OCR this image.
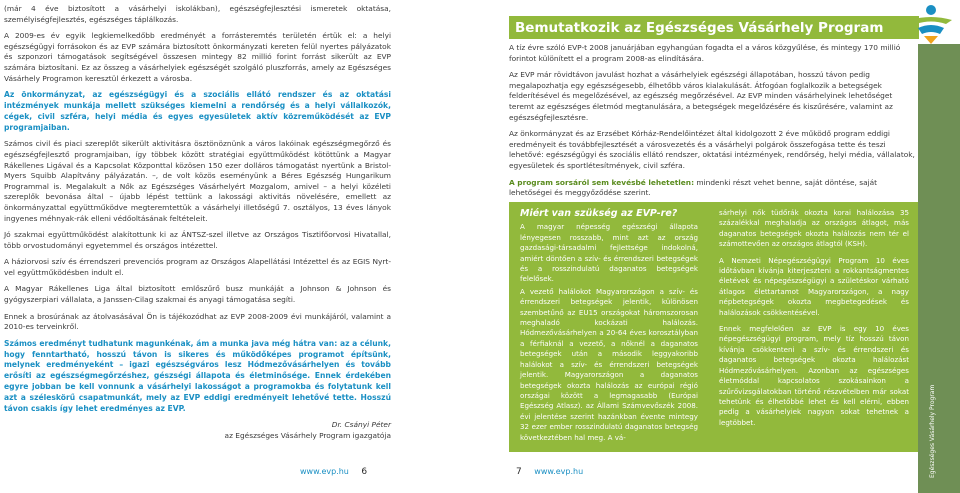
(már 4 éve biztosított a vásárhelyi iskolákban), egészségfejlesztési ismeretek oktatása, személyiségfejlesztés, egészséges táplálkozás.

A 2009-es év egyik legkiemelkedőbb eredményét a forrásteremtés területén értük el: a helyi egészségügyi forrásokon és az EVP számára biztosított önkormányzati kereten felül nyertes pályázatok és szponzori támogatások segítségével összesen mintegy 82 millió forint forrást sikerült az EVP számára biztosítani. Ez az összeg a vásárhelyiek egészségét szolgáló pluszforrás, amely az Egészséges Vásárhely Programon keresztül érkezett a városba.

Az önkormányzat, az egészségügyi és a szociális ellátó rendszer és az oktatási intézmények munkája mellett szükséges kiemelni a rendőrség és a helyi vállalkozók, cégek, civil szféra, helyi média és egyes egyesületek aktív közreműködését az EVP programjaiban.

Számos civil és piaci szereplőt sikerült aktivitásra ösztönöznünk a város lakóinak egészségmegőrző és egészségfejlesztő programjaiban, így többek között stratégiai együttműködést kötöttünk a Magyar Rákellenes Ligával és a Kapcsolat Központtal közösen 150 ezer dolláros támogatást nyertünk a Bristol-Myers Squibb Alapítvány pályázatán. –, de volt közös eseményünk a Béres Egészség Hungarikum Programmal is. Megalakult a Nők az Egészséges Vásárhelyért Mozgalom, amivel – a helyi közéleti szereplők bevonása által – újabb lépést tettünk a lakossági aktivitás növelésére, emellett az önkormányzattal együttműködve megteremtettük a vásárhelyi illetőségű 7. osztályos, 13 éves lányok ingyenes méhnyak-rák elleni védőoltásának feltételeit.

Jó szakmai együttműködést alakítottunk ki az ÁNTSZ-szel illetve az Országos Tisztifőorvosi Hivatallal, több orvostudományi egyetemmel és országos intézettel.

A háziorvosi szív és érrendszeri prevenciós program az Országos Alapellátási Intézettel és az EGIS Nyrt-vel együttműködésben indult el.

A Magyar Rákellenes Liga által biztosított emlőszűrő busz munkáját a Johnson & Johnson és gyógyszerpiari vállalata, a Janssen-Cilag szakmai és anyagi támogatása segíti.

Ennek a brosúrának az átolvasásával Ön is tájékozódhat az EVP 2008-2009 évi munkájáról, valamint a 2010-es terveinkről.

Számos eredményt tudhatunk magunkénak, ám a munka java még hátra van: az a célunk, hogy fenntartható, hosszú távon is sikeres és működőképes programot építsünk, melynek eredményeként – igazi egészségváros lesz Hódmezővásárhelyen és tovább erősíti az egészségmegőrzéshez, gészségi állapota és életminősége. Ennek érdekében egyre jobban be kell vonnunk a vásárhelyi lakosságot a programokba és folytatunk kell azt a széleskörű csapatmunkát, mely az EVP eddigi eredményeit lehetővé tette. Hosszú távon csakis így lehet eredményes az EVP.

Dr. Csányi Péter
az Egészséges Vásárhely Program igazgatója
www.evp.hu 6
Bemutatkozik az Egészséges Vásárhely Program

A tíz évre szóló EVP-t 2008 januárjában egyhangúan fogadta el a város közgyűlése, és mintegy 170 millió forintot különített el a program 2008-as elindítására.

Az EVP már rövidtávon javulást hozhat a vásárhelyiek egészségi állapotában, hosszú távon pedig megalapozhatja egy egészségesebb, élhetőbb város kialakulását. Átfogóan foglalkozik a betegségek felderítésével és megelőzésével, az egészség megőrzésével. Az EVP minden vásárhelyinek lehetőséget teremt az egészséges életmód megtanulására, a betegségek megelőzésére és kiszűrésére, valamint az egészségfejlesztésre.

Az önkormányzat és az Erzsébet Kórház-Rendelőintézet által kidolgozott 2 éve működő program eddigi eredményeit és továbbfejlesztését a városvezetés és a vásárhelyi polgárok összefogása tette és teszi lehetővé: egészségügyi és szociális ellátó rendszer, oktatási intézmények, rendőrség, helyi média, vállalatok, egyesületek és sportlétesítmények, civil szféra.

A program sorsáról sem kevésbé lehetetlen: mindenki részt vehet benne, saját döntése, saját lehetőségei és meggyőződése szerint.

Miért van szükség az EVP-re?

A magyar népesség egészségi állapota lényegesen rosszabb, mint azt az ország gazdasági-társadalmi fejlettsége indokolná, amiért döntően a szív- és érrendszeri betegségek és a rosszindulatú daganatos betegségek felelősek.

A vezető halálokot Magyarországon a szív- és érrendszeri betegségek jelentik, különösen szembetűnő az EU15 országokat háromszorosan meghaladó kockázati halálozás. Hódmezővásárhelyen a 20-64 éves korosztályban a férfiaknál a vezető, a nőknél a daganatos betegségek után a második leggyakoribb halálokot a szív- és érrendszeri betegségek jelentik. Magyarországon a daganatos betegségek okozta halálozás az európai régió országai között a legmagasabb (Európai Egészség Atlasz). az Állami Számvevőszék 2008. évi jelentése szerint hazánkban évente mintegy 32 ezer ember rosszindulatú daganatos betegség következtében hal meg. A vá-

sárhelyi nők tüdőrák okozta korai halálozása 35 százalékkal meghaladja az országos átlagot, más daganatos betegségek okozta halálozás nem tér el számottevően az országos átlagtól (KSH).

A Nemzeti Népegészségügyi Program 10 éves időtávban kívánja kiterjeszteni a rokkantságmentes életévek és népegészségügyi a születéskor várható átlagos élettartamot Magyarországon, a nagy népbetegségek okozta megbetegedések és halálozások csökkentésével.

Ennek megfelelően az EVP is egy 10 éves népegészségügyi program, mely tíz hosszú távon kívánja csökkenteni a szív- és érrendszeri és daganatos betegségek okozta halálozást Hódmezővásárhelyen. Azonban az egészséges életmóddal kapcsolatos szokásainkon a szűrővizsgálatokban történő részvételben már sokat tehetünk és élhetőbbé lehet és kell elérni, ebben pedig a vásárhelyiek nagyon sokat tehetnek a legtöbbet.	Egészséges Vásárhely Program
7 www.evp.hu
